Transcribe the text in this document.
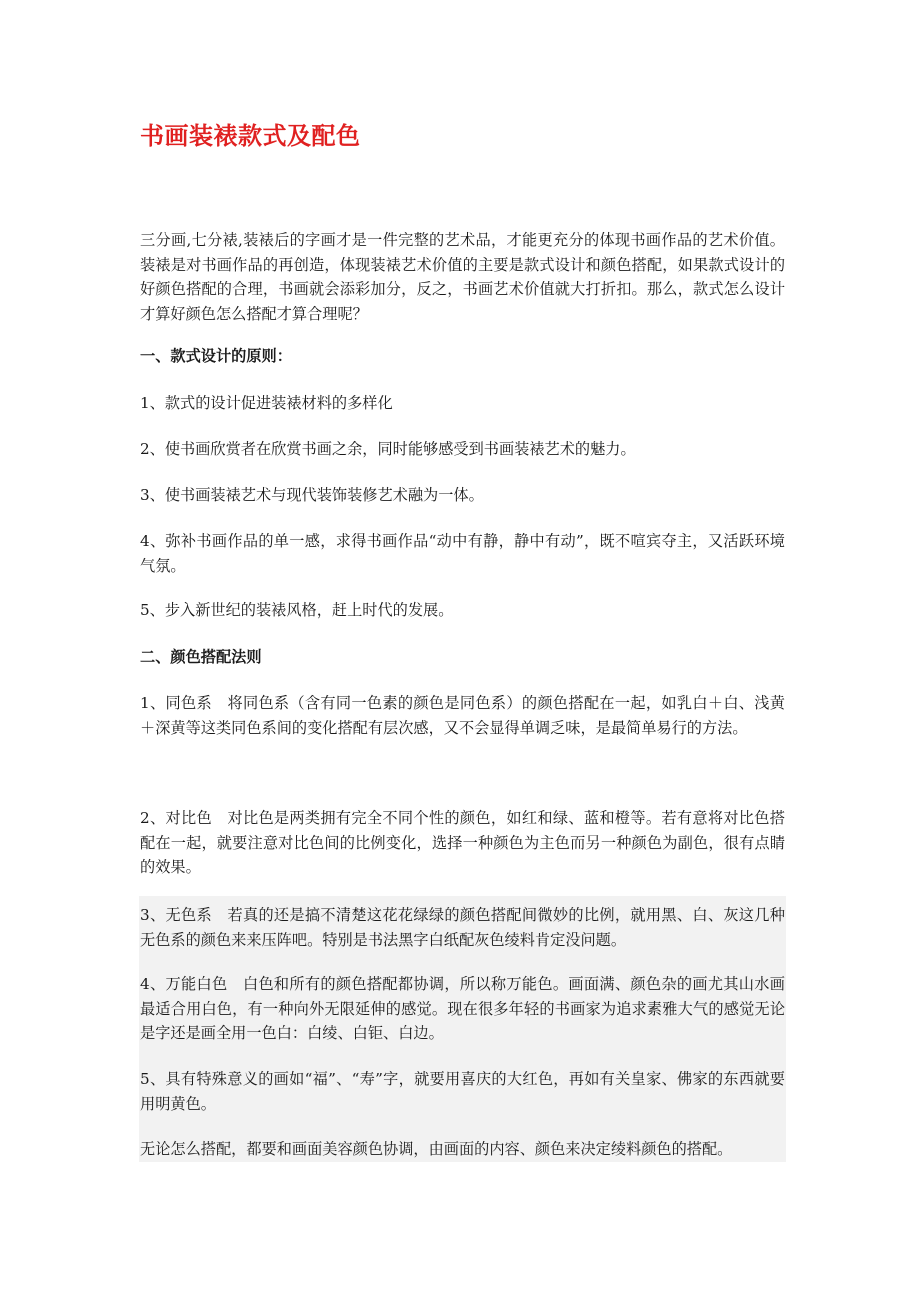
书画装裱款式及配色

三分画,七分裱,装裱后的字画才是一件完整的艺术品，才能更充分的体现书画作品的艺术价值。装裱是对书画作品的再创造，体现装裱艺术价值的主要是款式设计和颜色搭配，如果款式设计的好颜色搭配的合理，书画就会添彩加分，反之，书画艺术价值就大打折扣。那么，款式怎么设计才算好颜色怎么搭配才算合理呢？

一、款式设计的原则：

1、款式的设计促进装裱材料的多样化

2、使书画欣赏者在欣赏书画之余，同时能够感受到书画装裱艺术的魅力。

3、使书画装裱艺术与现代装饰装修艺术融为一体。

4、弥补书画作品的单一感，求得书画作品“动中有静，静中有动”，既不喧宾夺主，又活跃环境气氛。

5、步入新世纪的装裱风格，赶上时代的发展。

二、颜色搭配法则

1、同色系　将同色系（含有同一色素的颜色是同色系）的颜色搭配在一起，如乳白＋白、浅黄＋深黄等这类同色系间的变化搭配有层次感，又不会显得单调乏味，是最简单易行的方法。

2、对比色　对比色是两类拥有完全不同个性的颜色，如红和绿、蓝和橙等。若有意将对比色搭配在一起，就要注意对比色间的比例变化，选择一种颜色为主色而另一种颜色为副色，很有点睛的效果。

3、无色系　若真的还是搞不清楚这花花绿绿的颜色搭配间微妙的比例，就用黑、白、灰这几种无色系的颜色来来压阵吧。特别是书法黑字白纸配灰色绫料肯定没问题。

4、万能白色　白色和所有的颜色搭配都协调，所以称万能色。画面满、颜色杂的画尤其山水画最适合用白色，有一种向外无限延伸的感觉。现在很多年轻的书画家为追求素雅大气的感觉无论是字还是画全用一色白：白绫、白钜、白边。

5、具有特殊意义的画如“福”、“寿”字，就要用喜庆的大红色，再如有关皇家、佛家的东西就要用明黄色。

无论怎么搭配，都要和画面美容颜色协调，由画面的内容、颜色来决定绫料颜色的搭配。
